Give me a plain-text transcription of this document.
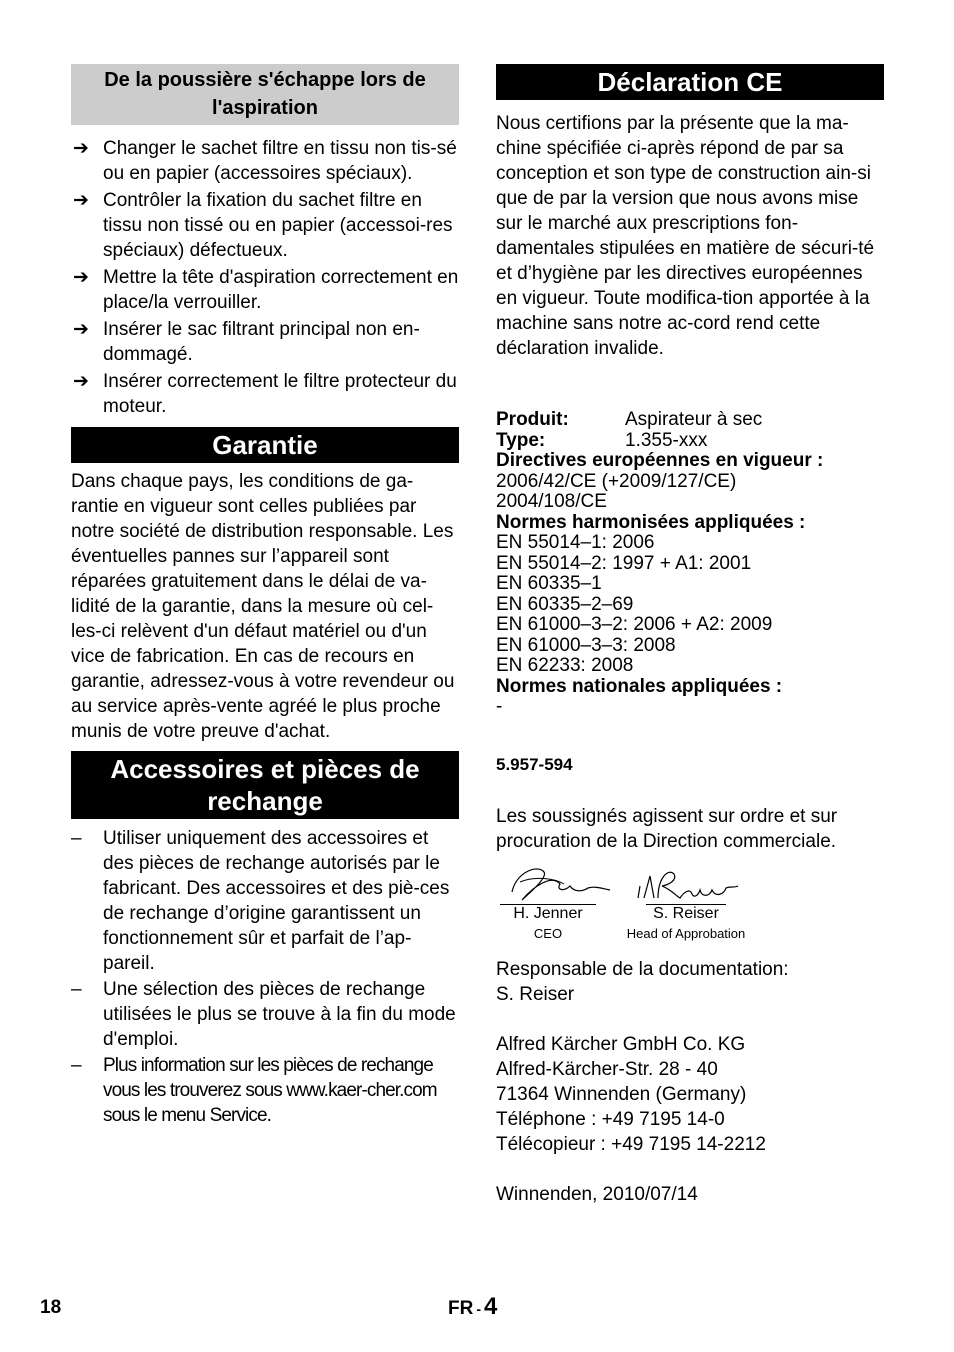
De la poussière s'échappe lors de l'aspiration
➔ Changer le sachet filtre en tissu non tis-sé ou en papier (accessoires spéciaux).
➔ Contrôler la fixation du sachet filtre en tissu non tissé ou en papier (accessoi-res spéciaux) défectueux.
➔ Mettre la tête d'aspiration correctement en place/la verrouiller.
➔ Insérer le sac filtrant principal non en-dommagé.
➔ Insérer correctement le filtre protecteur du moteur.
Garantie
Dans chaque pays, les conditions de ga-rantie en vigueur sont celles publiées par notre société de distribution responsable. Les éventuelles pannes sur l’appareil sont réparées gratuitement dans le délai de va-lidité de la garantie, dans la mesure où cel-les-ci relèvent d'un défaut matériel ou d'un vice de fabrication. En cas de recours en garantie, adressez-vous à votre revendeur ou au service après-vente agréé le plus proche munis de votre preuve d'achat.
Accessoires et pièces de rechange
–	Utiliser uniquement des accessoires et des pièces de rechange autorisés par le fabricant. Des accessoires et des piè-ces de rechange d’origine garantissent un fonctionnement sûr et parfait de l’ap-pareil.
–	Une sélection des pièces de rechange utilisées le plus se trouve à la fin du mode d'emploi.
–	Plus information sur les pièces de rechange vous les trouverez sous www.kaer-cher.com sous le menu Service.
Déclaration CE
Nous certifions par la présente que la ma-chine spécifiée ci-après répond de par sa conception et son type de construction ain-si que de par la version que nous avons mise sur le marché aux prescriptions fon-damentales stipulées en matière de sécuri-té et d’hygiène par les directives européennes en vigueur. Toute modifica-tion apportée à la machine sans notre ac-cord rend cette déclaration invalide.
Produit:	Aspirateur à sec
Type:	1.355-xxx
Directives européennes en vigueur :
2006/42/CE (+2009/127/CE)
2004/108/CE
Normes harmonisées appliquées :
EN 55014–1: 2006
EN 55014–2: 1997 + A1: 2001
EN 60335–1
EN 60335–2–69
EN 61000–3–2: 2006 + A2: 2009
EN 61000–3–3: 2008
EN 62233: 2008
Normes nationales appliquées :
-
5.957-594
Les soussignés agissent sur ordre et sur procuration de la Direction commerciale.
H. Jenner
CEO
S. Reiser
Head of Approbation
Responsable de la documentation:
S. Reiser
Alfred Kärcher GmbH Co. KG
Alfred-Kärcher-Str. 28 - 40
71364 Winnenden (Germany)
Téléphone : +49 7195 14-0
Télécopieur : +49 7195 14-2212
Winnenden, 2010/07/14
18	FR - 4
